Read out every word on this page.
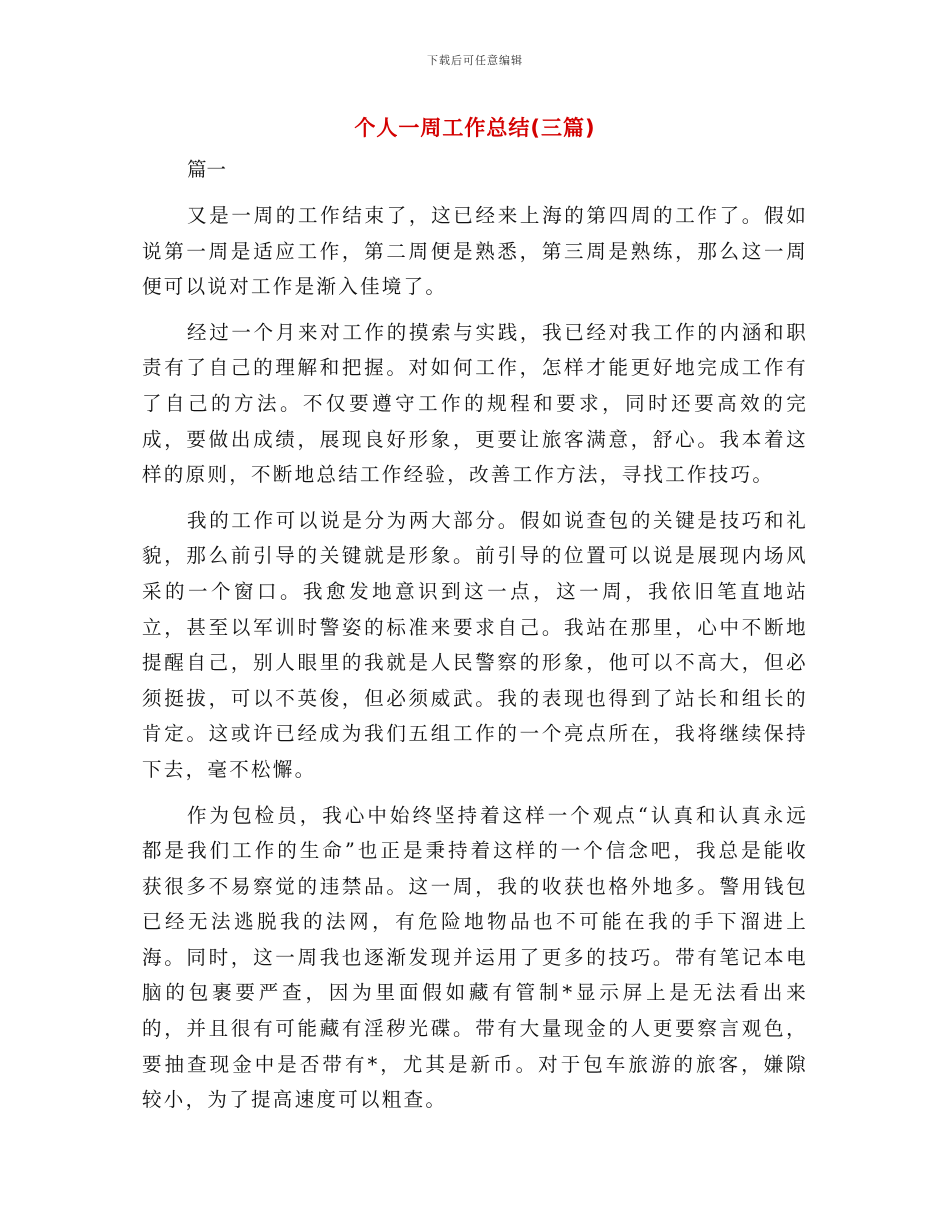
下载后可任意编辑
个人一周工作总结(三篇)
篇一

又是一周的工作结束了，这已经来上海的第四周的工作了。假如说第一周是适应工作，第二周便是熟悉，第三周是熟练，那么这一周便可以说对工作是渐入佳境了。

经过一个月来对工作的摸索与实践，我已经对我工作的内涵和职责有了自己的理解和把握。对如何工作，怎样才能更好地完成工作有了自己的方法。不仅要遵守工作的规程和要求，同时还要高效的完成，要做出成绩，展现良好形象，更要让旅客满意，舒心。我本着这样的原则，不断地总结工作经验，改善工作方法，寻找工作技巧。

我的工作可以说是分为两大部分。假如说查包的关键是技巧和礼貌，那么前引导的关键就是形象。前引导的位置可以说是展现内场风采的一个窗口。我愈发地意识到这一点，这一周，我依旧笔直地站立，甚至以军训时警姿的标准来要求自己。我站在那里，心中不断地提醒自己，别人眼里的我就是人民警察的形象，他可以不高大，但必须挺拔，可以不英俊，但必须威武。我的表现也得到了站长和组长的肯定。这或许已经成为我们五组工作的一个亮点所在，我将继续保持下去，毫不松懈。

作为包检员，我心中始终坚持着这样一个观点“认真和认真永远都是我们工作的生命”也正是秉持着这样的一个信念吧，我总是能收获很多不易察觉的违禁品。这一周，我的收获也格外地多。警用钱包已经无法逃脱我的法网，有危险地物品也不可能在我的手下溜进上海。同时，这一周我也逐渐发现并运用了更多的技巧。带有笔记本电脑的包裹要严查，因为里面假如藏有管制*显示屏上是无法看出来的，并且很有可能藏有淫秽光碟。带有大量现金的人更要察言观色，要抽查现金中是否带有*，尤其是新币。对于包车旅游的旅客，嫌隙较小，为了提高速度可以粗查。
